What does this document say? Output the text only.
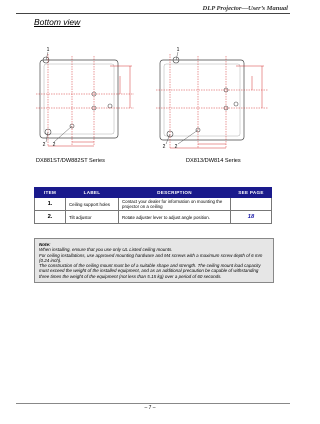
DLP Projector—User’s Manual
Bottom view
1
2 2
DX881ST/DW882ST Series
1
2 2
DX813/DW814 Series
ITEM	LABEL	DESCRIPTION	SEE PAGE
1.	Ceiling support holes	Contact your dealer for information on mounting the projector on a ceiling	
2.	Tilt adjustor	Rotate adjuster lever to adjust angle position.	18

Note:

When installing, ensure that you use only UL Listed ceiling mounts.

For ceiling installations, use approved mounting hardware and M4 screws with a maximum screw depth of 6 mm (0.24 inch).

The construction of the ceiling mount must be of a suitable shape and strength. The ceiling mount load capacity must exceed the weight of the installed equipment, and as an additional precaution be capable of withstanding three times the weight of the equipment (not less than 5.15 kg) over a period of 60 seconds.

– 7 –
